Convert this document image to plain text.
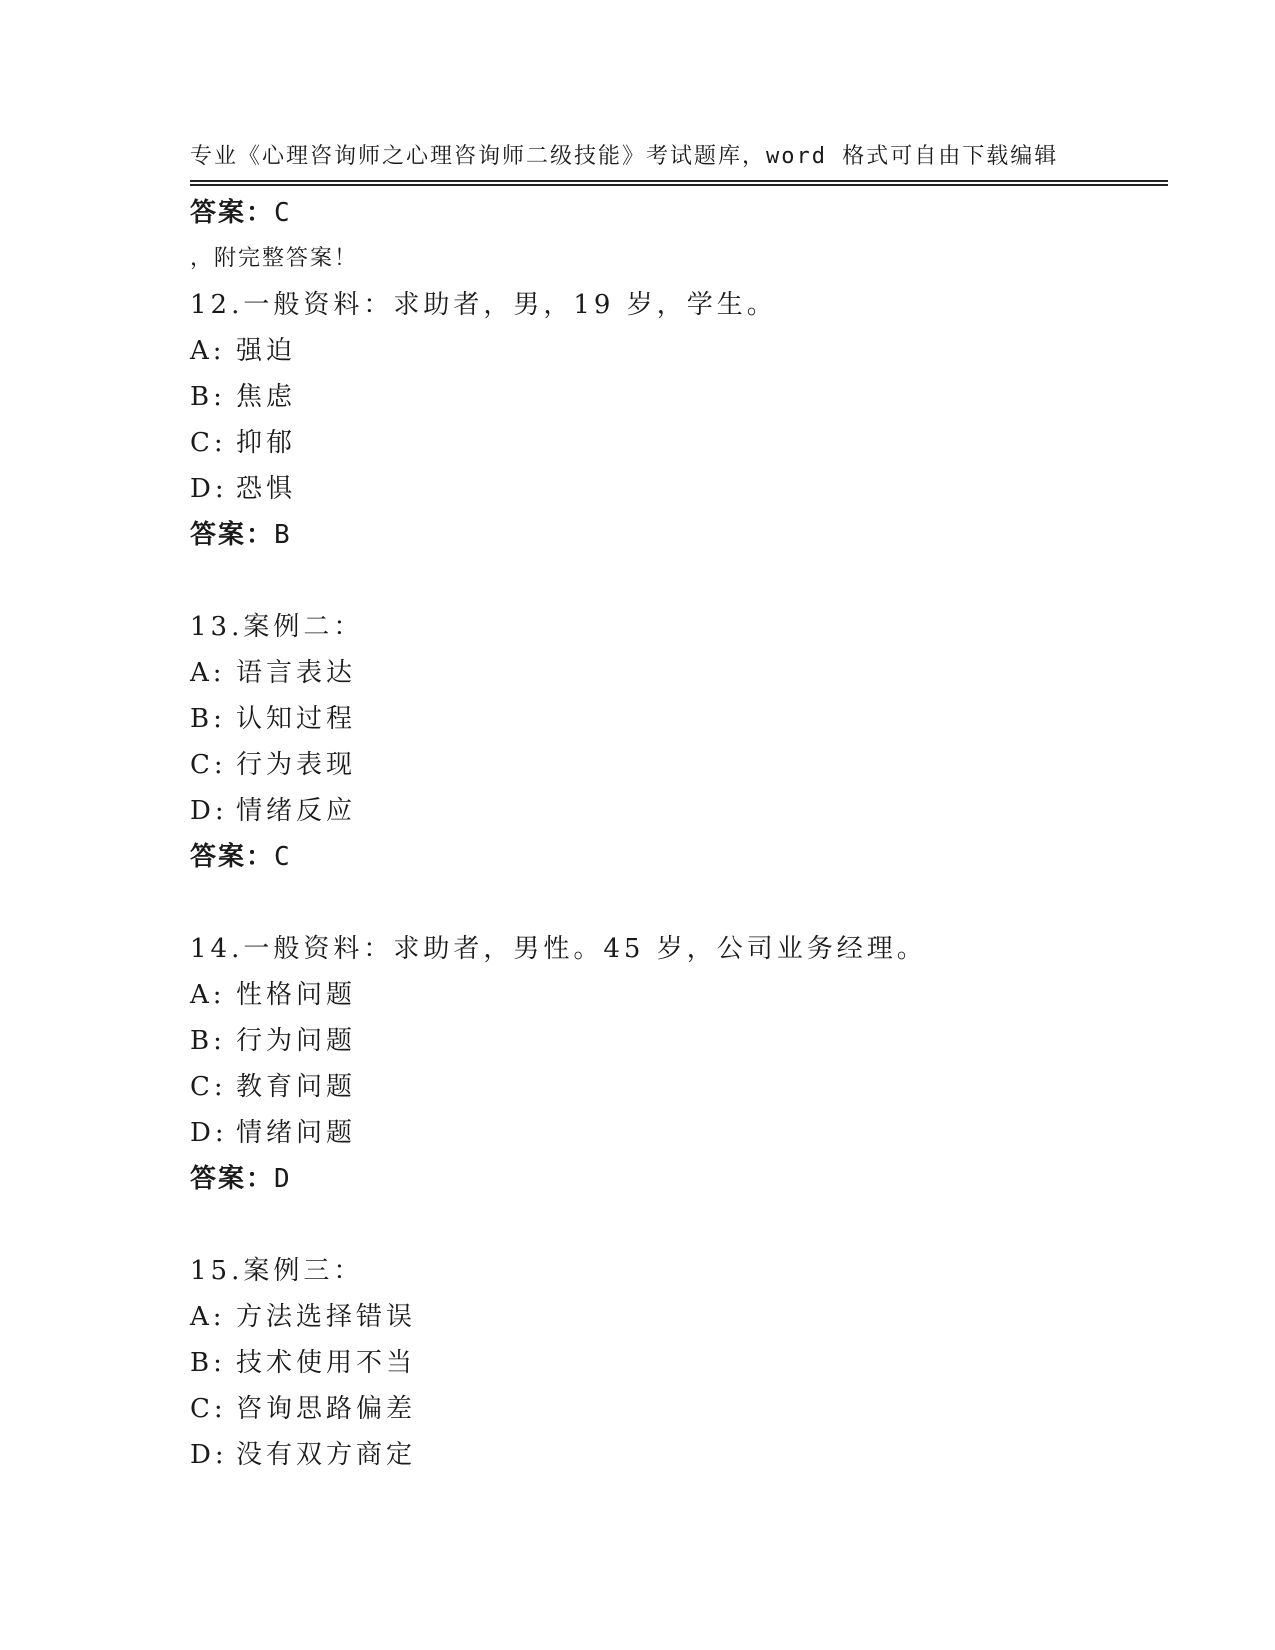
专业《心理咨询师之心理咨询师二级技能》考试题库，word 格式可自由下载编辑

，附完整答案！

答案：C

12.一般资料：求助者，男，19 岁，学生。

A: 强迫

B: 焦虑

C: 抑郁

D: 恐惧

答案：B

13.案例二：

A: 语言表达

B: 认知过程

C: 行为表现

D: 情绪反应

答案：C

14.一般资料：求助者，男性。45 岁，公司业务经理。

A: 性格问题

B: 行为问题

C: 教育问题

D: 情绪问题

答案：D

15.案例三：

A: 方法选择错误

B: 技术使用不当

C: 咨询思路偏差

D: 没有双方商定
